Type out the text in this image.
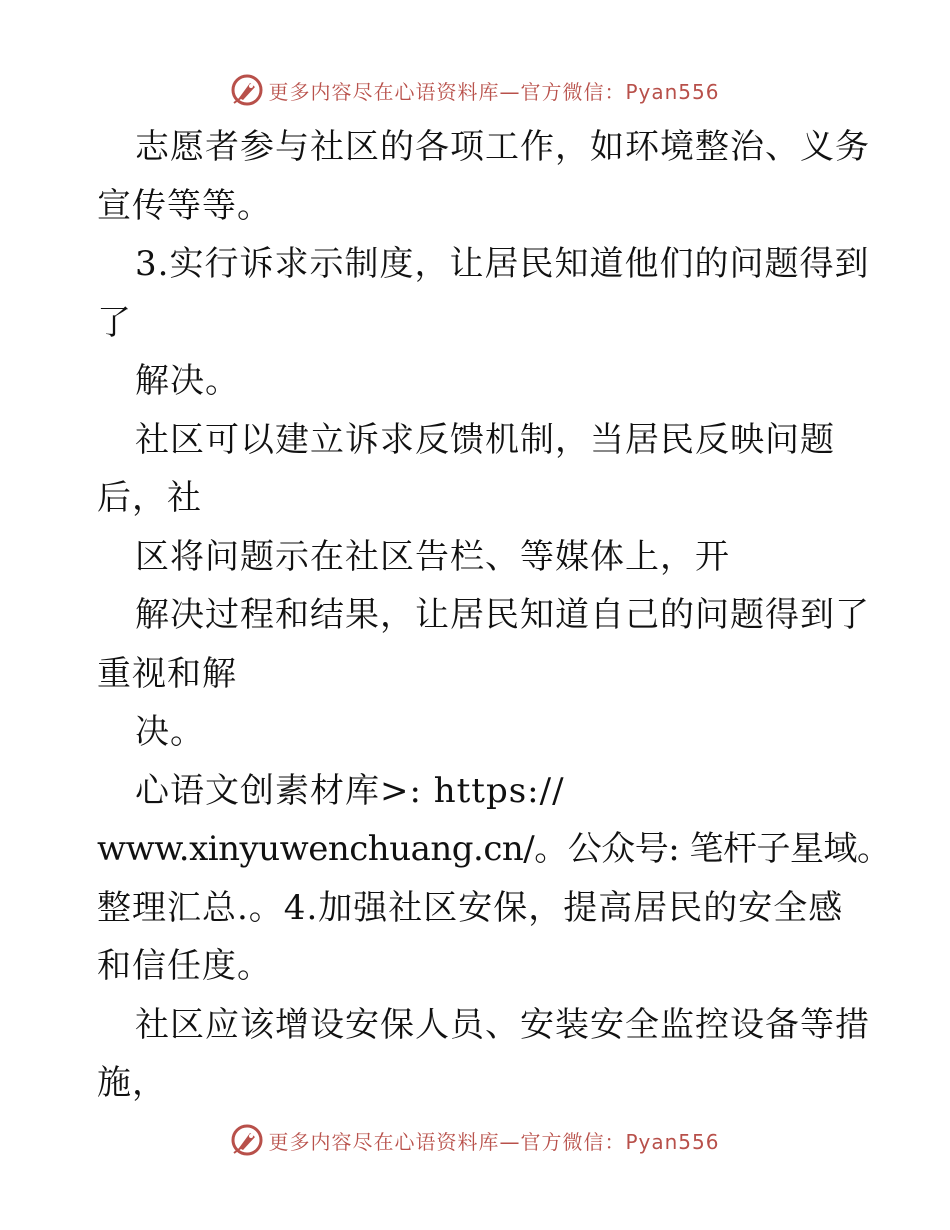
更多内容尽在心语资料库—官方微信：Pyan556
志愿者参与社区的各项工作，如环境整治、义务
宣传等等。
3.实行诉求示制度，让居民知道他们的问题得到
了
解决。
社区可以建立诉求反馈机制，当居民反映问题
后，社
区将问题示在社区告栏、等媒体上，开
解决过程和结果，让居民知道自己的问题得到了
重视和解
决。
心语文创素材库>: https://
www.xinyuwenchuang.cn/。公众号: 笔杆子星域。
整理汇总.。4.加强社区安保，提高居民的安全感
和信任度。
社区应该增设安保人员、安装安全监控设备等措
施，
更多内容尽在心语资料库—官方微信：Pyan556
